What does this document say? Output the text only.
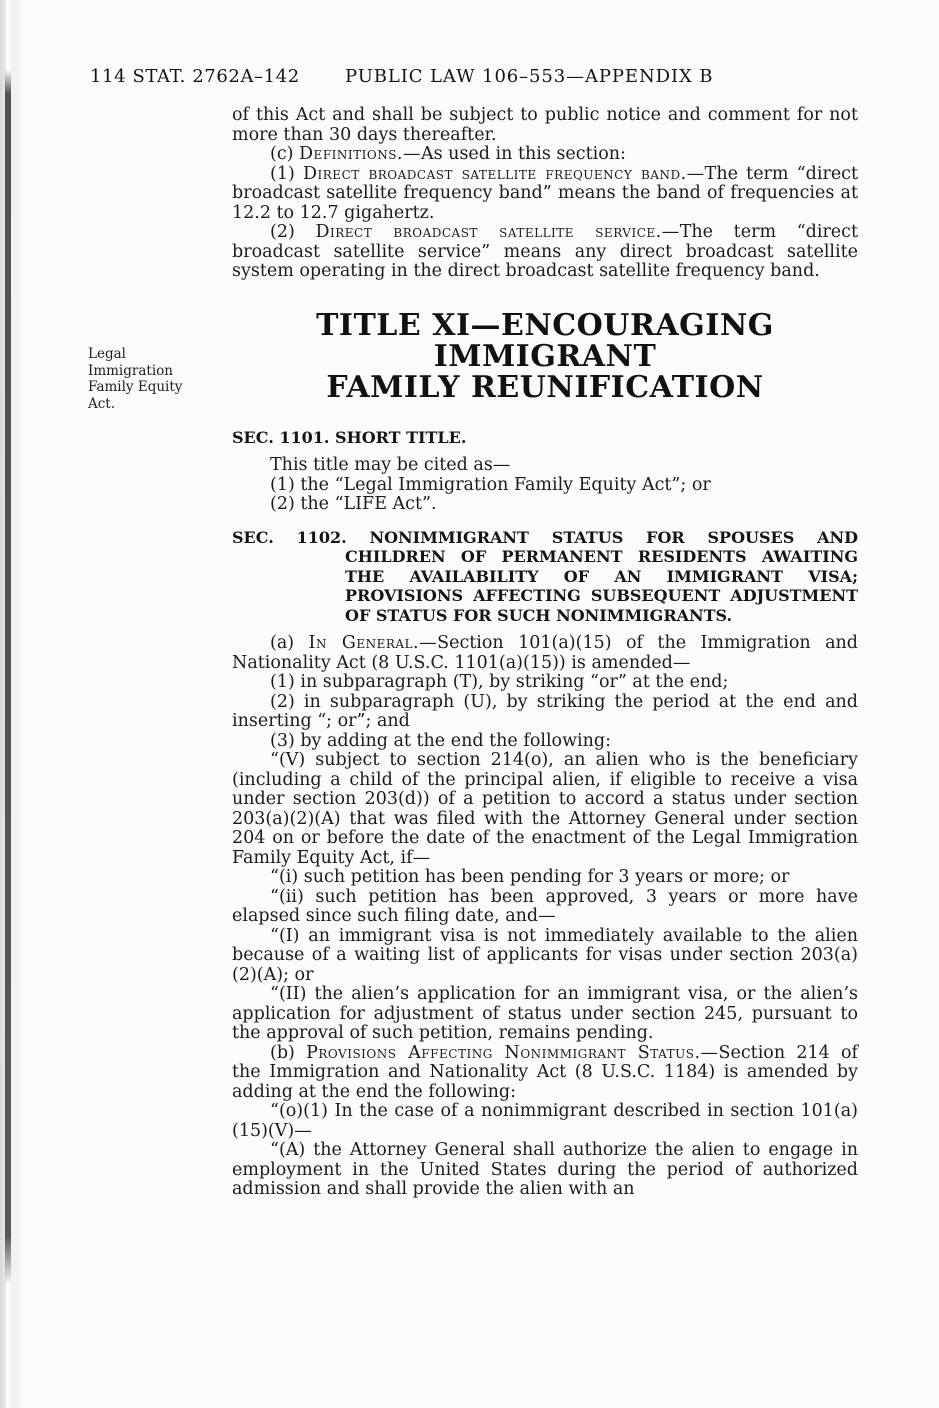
114 STAT. 2762A–142	PUBLIC LAW 106–553—APPENDIX B
Legal
Immigration
Family Equity
Act.

of this Act and shall be subject to public notice and comment for not more than 30 days thereafter.

(c) Definitions.—As used in this section:

(1) Direct broadcast satellite frequency band.—The term “direct broadcast satellite frequency band” means the band of frequencies at 12.2 to 12.7 gigahertz.

(2) Direct broadcast satellite service.—The term “direct broadcast satellite service” means any direct broadcast satellite system operating in the direct broadcast satellite frequency band.

TITLE XI—ENCOURAGING IMMIGRANT
FAMILY REUNIFICATION

SEC. 1101. SHORT TITLE.

This title may be cited as—

(1) the “Legal Immigration Family Equity Act”; or

(2) the “LIFE Act”.

SEC. 1102. NONIMMIGRANT STATUS FOR SPOUSES AND CHILDREN OF PERMANENT RESIDENTS AWAITING THE AVAILABILITY OF AN IMMIGRANT VISA; PROVISIONS AFFECTING SUBSEQUENT ADJUSTMENT OF STATUS FOR SUCH NONIMMIGRANTS.

(a) In General.—Section 101(a)(15) of the Immigration and Nationality Act (8 U.S.C. 1101(a)(15)) is amended—

(1) in subparagraph (T), by striking “or” at the end;

(2) in subparagraph (U), by striking the period at the end and inserting “; or”; and

(3) by adding at the end the following:

“(V) subject to section 214(o), an alien who is the beneficiary (including a child of the principal alien, if eligible to receive a visa under section 203(d)) of a petition to accord a status under section 203(a)(2)(A) that was filed with the Attorney General under section 204 on or before the date of the enactment of the Legal Immigration Family Equity Act, if—

“(i) such petition has been pending for 3 years or more; or

“(ii) such petition has been approved, 3 years or more have elapsed since such filing date, and—

“(I) an immigrant visa is not immediately available to the alien because of a waiting list of applicants for visas under section 203(a)(2)(A); or

“(II) the alien’s application for an immigrant visa, or the alien’s application for adjustment of status under section 245, pursuant to the approval of such petition, remains pending.

(b) Provisions Affecting Nonimmigrant Status.—Section 214 of the Immigration and Nationality Act (8 U.S.C. 1184) is amended by adding at the end the following:

“(o)(1) In the case of a nonimmigrant described in section 101(a)(15)(V)—

“(A) the Attorney General shall authorize the alien to engage in employment in the United States during the period of authorized admission and shall provide the alien with an
